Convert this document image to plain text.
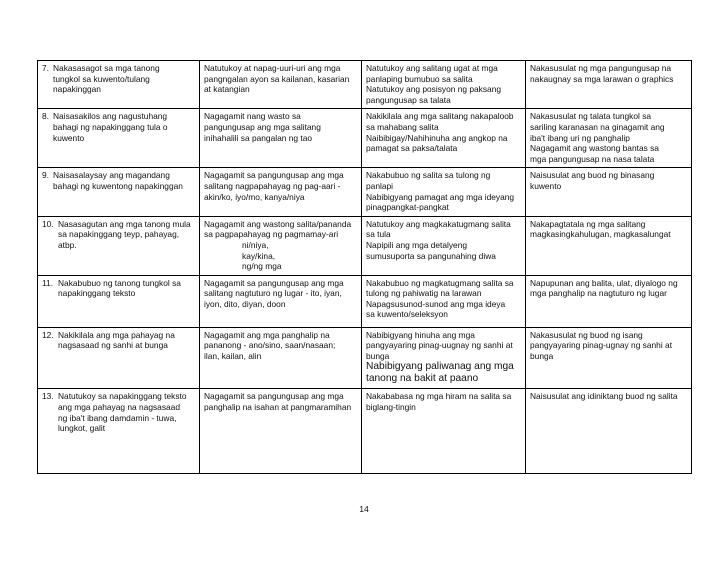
7. Nakasasagot sa mga tanong
tungkol sa kuwento/tulang
napakinggan	Natutukoy at napag-uuri-uri ang mga
pangngalan ayon sa kailanan, kasarian
at katangian	Natutukoy ang salitang ugat at mga
panlaping bumubuo sa salita
Natutukoy ang posisyon ng paksang
pangungusap sa talata	Nakasusulat ng mga pangungusap na
nakaugnay sa mga larawan o graphics

8. Naisasakilos ang nagustuhang
bahagi ng napakinggang tula o
kuwento	Nagagamit nang wasto sa
pangungusap ang mga salitang
inihahalili sa pangalan ng tao	Nakikilala ang mga salitang nakapaloob
sa mahabang salita
Naibibigay/Nahihinuha ang angkop na
pamagat sa paksa/talata	Nakasusulat ng talata tungkol sa
sariling karanasan na ginagamit ang
iba't ibang uri ng panghalip
Nagagamit ang wastong bantas sa
mga pangungusap na nasa talata

9. Naisasalaysay ang magandang
bahagi ng kuwentong napakinggan	Nagagamit sa pangungusap ang mga
salitang nagpapahayag ng pag-aari -
akin/ko, iyo/mo, kanya/niya	Nakabubuo ng salita sa tulong ng
panlapi
Nabibigyang pamagat ang mga ideyang
pinagpangkat-pangkat	Naisusulat ang buod ng binasang
kuwento

10. Nasasagutan ang mga tanong mula
sa napakinggang teyp, pahayag,
atbp.	Nagagamit ang wastong salita/pananda
sa pagpapahayag ng pagmamay-ari
ni/niya,
kay/kina,
ng/ng mga	Natutukoy ang magkakatugmang salita
sa tula
Napipili ang mga detalyeng
sumusuporta sa pangunahing diwa	Nakapagtatala ng mga salitang
magkasingkahulugan, magkasalungat

11. Nakabubuo ng tanong tungkol sa
napakinggang teksto	Nagagamit sa pangungusap ang mga
salitang nagtuturo ng lugar - ito, iyan,
iyon, dito, diyan, doon	Nakabubuo ng magkatugmang salita sa
tulong ng pahiwatig na larawan
Napagsusunod-sunod ang mga ideya
sa kuwento/seleksyon	Napupunan ang balita, ulat, diyalogo ng
mga panghalip na nagtuturo ng lugar

12. Nakikilala ang mga pahayag na
nagsasaad ng sanhi at bunga	Nagagamit ang mga panghalip na
pananong - ano/sino, saan/nasaan;
ilan, kailan, alin	Nabibigyang hinuha ang mga
pangyayaring pinag-uugnay ng sanhi at
bunga
Nabibigyang paliwanag ang mga
tanong na bakit at paano	Nakasusulat ng buod ng isang
pangyayaring pinag-ugnay ng sanhi at
bunga

13. Natutukoy sa napakinggang teksto
ang mga pahayag na nagsasaad
ng iba't ibang damdamin - tuwa,
lungkot, galit	Nagagamit sa pangungusap ang mga
panghalip na isahan at pangmaramihan	Nakababasa ng mga hiram na salita sa
biglang-tingin	Naisusulat ang idiniktang buod ng salita
14
